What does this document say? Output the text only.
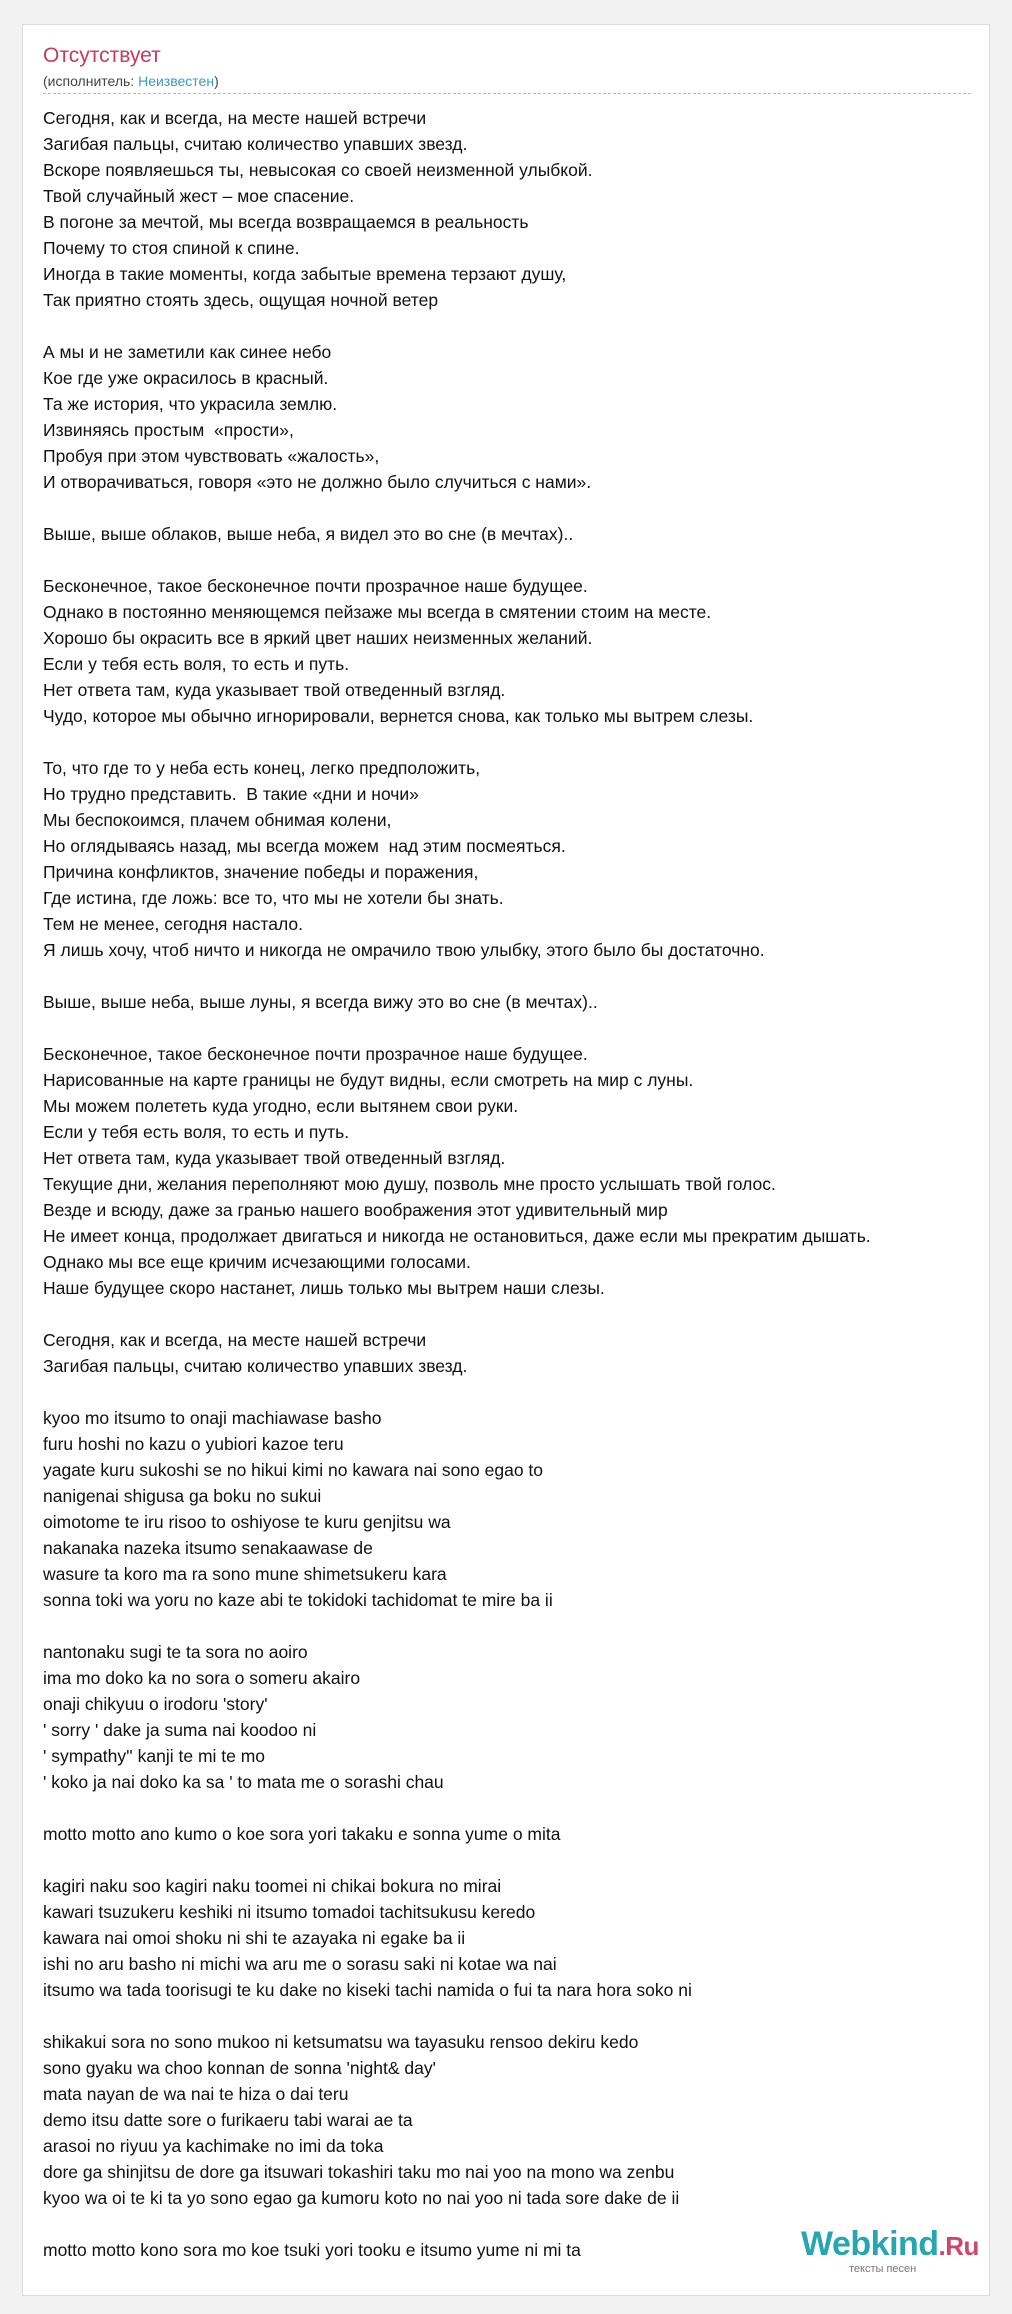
Отсутствует
(исполнитель: Неизвестен)
Сегодня, как и всегда, на месте нашей встречи
Загибая пальцы, считаю количество упавших звезд.
Вскоре появляешься ты, невысокая со своей неизменной улыбкой.
Твой случайный жест – мое спасение.
В погоне за мечтой, мы всегда возвращаемся в реальность
Почему то стоя спиной к спине.
Иногда в такие моменты, когда забытые времена терзают душу,
Так приятно стоять здесь, ощущая ночной ветер
А мы и не заметили как синее небо
Кое где уже окрасилось в красный.
Та же история, что украсила землю.
Извиняясь простым  «прости»,
Пробуя при этом чувствовать «жалость»,
И отворачиваться, говоря «это не должно было случиться с нами».
Выше, выше облаков, выше неба, я видел это во сне (в мечтах)..
Бесконечное, такое бесконечное почти прозрачное наше будущее.
Однако в постоянно меняющемся пейзаже мы всегда в смятении стоим на месте.
Хорошо бы окрасить все в яркий цвет наших неизменных желаний.
Если у тебя есть воля, то есть и путь.
Нет ответа там, куда указывает твой отведенный взгляд.
Чудо, которое мы обычно игнорировали, вернется снова, как только мы вытрем слезы.
То, что где то у неба есть конец, легко предположить,
Но трудно представить.  В такие «дни и ночи»
Мы беспокоимся, плачем обнимая колени,
Но оглядываясь назад, мы всегда можем  над этим посмеяться.
Причина конфликтов, значение победы и поражения,
Где истина, где ложь: все то, что мы не хотели бы знать.
Тем не менее, сегодня настало.
Я лишь хочу, чтоб ничто и никогда не омрачило твою улыбку, этого было бы достаточно.
Выше, выше неба, выше луны, я всегда вижу это во сне (в мечтах)..
Бесконечное, такое бесконечное почти прозрачное наше будущее.
Нарисованные на карте границы не будут видны, если смотреть на мир с луны.
Мы можем полететь куда угодно, если вытянем свои руки.
Если у тебя есть воля, то есть и путь.
Нет ответа там, куда указывает твой отведенный взгляд.
Текущие дни, желания переполняют мою душу, позволь мне просто услышать твой голос.
Везде и всюду, даже за гранью нашего воображения этот удивительный мир
Не имеет конца, продолжает двигаться и никогда не остановиться, даже если мы прекратим дышать.
Однако мы все еще кричим исчезающими голосами.
Наше будущее скоро настанет, лишь только мы вытрем наши слезы.
Сегодня, как и всегда, на месте нашей встречи
Загибая пальцы, считаю количество упавших звезд.
kyoo mo itsumo to onaji machiawase basho
furu hoshi no kazu o yubiori kazoe teru
yagate kuru sukoshi se no hikui kimi no kawara nai sono egao to
nanigenai shigusa ga boku no sukui
oimotome te iru risoo to oshiyose te kuru genjitsu wa
nakanaka nazeka itsumo senakaawase de
wasure ta koro ma ra sono mune shimetsukeru kara
sonna toki wa yoru no kaze abi te tokidoki tachidomat te mire ba ii
nantonaku sugi te ta sora no aoiro
ima mo doko ka no sora o someru akairo
onaji chikyuu o irodoru 'story'
' sorry ' dake ja suma nai koodoo ni
' sympathy'' kanji te mi te mo
' koko ja nai doko ka sa ' to mata me o sorashi chau
motto motto ano kumo o koe sora yori takaku e sonna yume o mita
kagiri naku soo kagiri naku toomei ni chikai bokura no mirai
kawari tsuzukeru keshiki ni itsumo tomadoi tachitsukusu keredo
kawara nai omoi shoku ni shi te azayaka ni egake ba ii
ishi no aru basho ni michi wa aru me o sorasu saki ni kotae wa nai
itsumo wa tada toorisugi te ku dake no kiseki tachi namida o fui ta nara hora soko ni
shikakui sora no sono mukoo ni ketsumatsu wa tayasuku rensoo dekiru kedo
sono gyaku wa choo konnan de sonna 'night& day'
mata nayan de wa nai te hiza o dai teru
demo itsu datte sore o furikaeru tabi warai ae ta
arasoi no riyuu ya kachimake no imi da toka
dore ga shinjitsu de dore ga itsuwari tokashiri taku mo nai yoo na mono wa zenbu
kyoo wa oi te ki ta yo sono egao ga kumoru koto no nai yoo ni tada sore dake de ii
motto motto kono sora mo koe tsuki yori tooku e itsumo yume ni mi ta	Webkind.Ru
тексты песен
